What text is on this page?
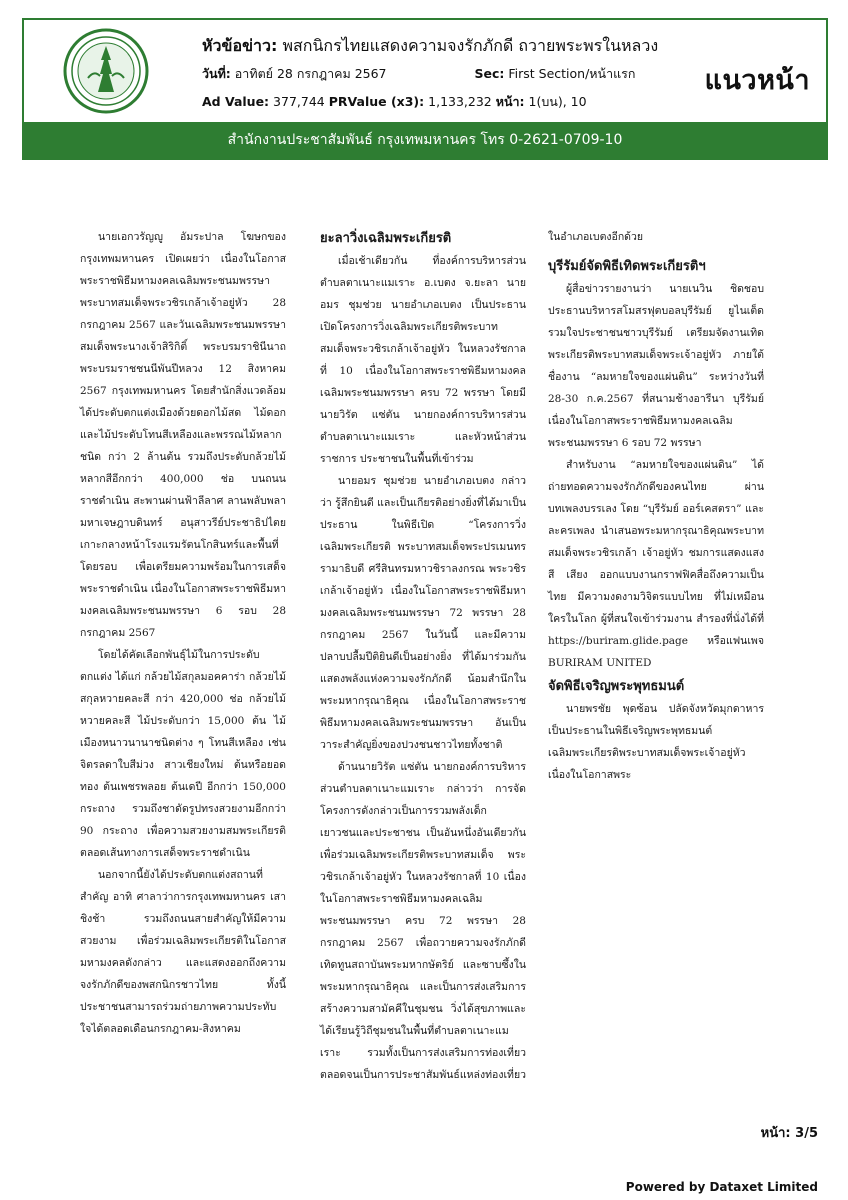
หัวข้อข่าว: พสกนิกรไทยแสดงความจงรักภักดี ถวายพระพรในหลวง
วันที่: อาทิตย์ 28 กรกฎาคม 2567	Sec: First Section/หน้าแรก
Ad Value: 377,744 PRValue (x3): 1,133,232 หน้า: 1(บน), 10
แนวหน้า
สำนักงานประชาสัมพันธ์ กรุงเทพมหานคร โทร 0-2621-0709-10

นายเอกวรัญญู อัมระปาล โฆษกของกรุงเทพมหานคร เปิดเผยว่า เนื่องในโอกาสพระราชพิธีมหามงคลเฉลิมพระชนมพรรษาพระบาทสมเด็จพระวชิรเกล้าเจ้าอยู่หัว 28 กรกฎาคม 2567 และวันเฉลิมพระชนมพรรษาสมเด็จพระนางเจ้าสิริกิติ์ พระบรมราชินีนาถ พระบรมราชชนนีพันปีหลวง 12 สิงหาคม 2567 กรุงเทพมหานคร โดยสำนักสิ่งแวดล้อม ได้ประดับตกแต่งเมืองด้วยดอกไม้สด ไม้ดอกและไม้ประดับโทนสีเหลืองและพรรณไม้หลากชนิด กว่า 2 ล้านต้น รวมถึงประดับกล้วยไม้หลากสีอีกกว่า 400,000 ช่อ บนถนนราชดำเนิน สะพานผ่านฟ้าลีลาศ ลานพลับพลามหาเจษฎาบดินทร์ อนุสาวรีย์ประชาธิปไตย เกาะกลางหน้าโรงแรมรัตนโกสินทร์และพื้นที่โดยรอบ เพื่อเตรียมความพร้อมในการเสด็จพระราชดำเนิน เนื่องในโอกาสพระราชพิธีมหามงคลเฉลิมพระชนมพรรษา 6 รอบ 28 กรกฎาคม 2567

โดยได้คัดเลือกพันธุ์ไม้ในการประดับตกแต่ง ได้แก่ กล้วยไม้สกุลมอคคาร่า กล้วยไม้สกุลหวายคละสี กว่า 420,000 ช่อ กล้วยไม้หวายคละสี ไม้ประดับกว่า 15,000 ต้น ไม้เมืองหนาวนานาชนิดต่าง ๆ โทนสีเหลือง เช่น จิตรลดาใบสีม่วง สาวเชียงใหม่ ต้นหรือยอดทอง ต้นเพชรพลอย ต้นเดปี อีกกว่า 150,000 กระถาง รวมถึงชาดัดรูปทรงสวยงามอีกกว่า 90 กระถาง เพื่อความสวยงามสมพระเกียรติ ตลอดเส้นทางการเสด็จพระราชดำเนิน

นอกจากนี้ยังได้ประดับตกแต่งสถานที่สำคัญ อาทิ ศาลาว่าการกรุงเทพมหานคร เสาชิงช้า รวมถึงถนนสายสำคัญให้มีความสวยงาม เพื่อร่วมเฉลิมพระเกียรติในโอกาสมหามงคลดังกล่าว และแสดงออกถึงความจงรักภักดีของพสกนิกรชาวไทย ทั้งนี้ ประชาชนสามารถร่วมถ่ายภาพความประทับใจได้ตลอดเดือนกรกฎาคม-สิงหาคม

ยะลาวิ่งเฉลิมพระเกียรติ

เมื่อเช้าเดียวกัน ที่องค์การบริหารส่วนตำบลตาเนาะแมเราะ อ.เบตง จ.ยะลา นายอมร ชุมช่วย นายอำเภอเบตง เป็นประธาน เปิดโครงการวิ่งเฉลิมพระเกียรติพระบาทสมเด็จพระวชิรเกล้าเจ้าอยู่หัว ในหลวงรัชกาลที่ 10 เนื่องในโอกาสพระราชพิธีมหามงคลเฉลิมพระชนมพรรษา ครบ 72 พรรษา โดยมีนายวิรัต แซ่ตัน นายกองค์การบริหารส่วนตำบลตาเนาะแมเราะ และหัวหน้าส่วนราชการ ประชาชนในพื้นที่เข้าร่วม

นายอมร ชุมช่วย นายอำเภอเบตง กล่าวว่า รู้สึกยินดี และเป็นเกียรติอย่างยิ่งที่ได้มาเป็นประธาน ในพิธีเปิด “โครงการวิ่งเฉลิมพระเกียรติ พระบาทสมเด็จพระปรเมนทรรามาธิบดี ศรีสินทรมหาวชิราลงกรณ พระวชิรเกล้าเจ้าอยู่หัว เนื่องในโอกาสพระราชพิธีมหามงคลเฉลิมพระชนมพรรษา 72 พรรษา 28 กรกฎาคม 2567 ในวันนี้ และมีความปลาบปลื้มปีติยินดีเป็นอย่างยิ่ง ที่ได้มาร่วมกันแสดงพลังแห่งความจงรักภักดี น้อมสำนึกในพระมหากรุณาธิคุณ เนื่องในโอกาสพระราชพิธีมหามงคลเฉลิมพระชนมพรรษา อันเป็นวาระสำคัญยิ่งของปวงชนชาวไทยทั้งชาติ

ด้านนายวิรัต แซ่ตัน นายกองค์การบริหารส่วนตำบลตาเนาะแมเราะ กล่าวว่า การจัดโครงการดังกล่าวเป็นการรวมพลังเด็ก เยาวชนและประชาชน เป็นอันหนึ่งอันเดียวกัน เพื่อร่วมเฉลิมพระเกียรติพระบาทสมเด็จ พระวชิรเกล้าเจ้าอยู่หัว ในหลวงรัชกาลที่ 10 เนื่องในโอกาสพระราชพิธีมหามงคลเฉลิมพระชนมพรรษา ครบ 72 พรรษา 28 กรกฎาคม 2567 เพื่อถวายความจงรักภักดี เทิดทูนสถาบันพระมหากษัตริย์ และซาบซึ้งในพระมหากรุณาธิคุณ และเป็นการส่งเสริมการสร้างความสามัคคีในชุมชน วิ่งได้สุขภาพและได้เรียนรู้วิถีชุมชนในพื้นที่ตำบลตาเนาะแมเราะ รวมทั้งเป็นการส่งเสริมการท่องเที่ยว ตลอดจนเป็นการประชาสัมพันธ์แหล่งท่องเที่ยว

ในอำเภอเบตงอีกด้วย

บุรีรัมย์จัดพิธีเทิดพระเกียรติฯ

ผู้สื่อข่าวรายงานว่า นายเนวิน ชิดชอบ ประธานบริหารสโมสรฟุตบอลบุรีรัมย์ ยูไนเต็ด รวมใจประชาชนชาวบุรีรัมย์ เตรียมจัดงานเทิดพระเกียรติพระบาทสมเด็จพระเจ้าอยู่หัว ภายใต้ชื่องาน “ลมหายใจของแผ่นดิน” ระหว่างวันที่ 28-30 ก.ค.2567 ที่สนามช้างอารีนา บุรีรัมย์ เนื่องในโอกาสพระราชพิธีมหามงคลเฉลิมพระชนมพรรษา 6 รอบ 72 พรรษา

สำหรับงาน “ลมหายใจของแผ่นดิน” ได้ถ่ายทอดความจงรักภักดีของคนไทย ผ่านบทเพลงบรรเลง โดย “บุรีรัมย์ ออร์เคสตรา” และละครเพลง นำเสนอพระมหากรุณาธิคุณพระบาทสมเด็จพระวชิรเกล้า เจ้าอยู่หัว ชมการแสดงแสง สี เสียง ออกแบบงานกราฟฟิคสื่อถึงความเป็นไทย มีความงดงามวิจิตรแบบไทย ที่ไม่เหมือนใครในโลก ผู้ที่สนใจเข้าร่วมงาน สำรองที่นั่งได้ที่ https://buriram.glide.page หรือแฟนเพจ BURIRAM UNITED

จัดพิธีเจริญพระพุทธมนต์

นายพรชัย พุดซ้อน ปลัดจังหวัดมุกดาหาร เป็นประธานในพิธีเจริญพระพุทธมนต์ เฉลิมพระเกียรติพระบาทสมเด็จพระเจ้าอยู่หัว เนื่องในโอกาสพระ

หน้า: 3/5
Powered by Dataxet Limited
